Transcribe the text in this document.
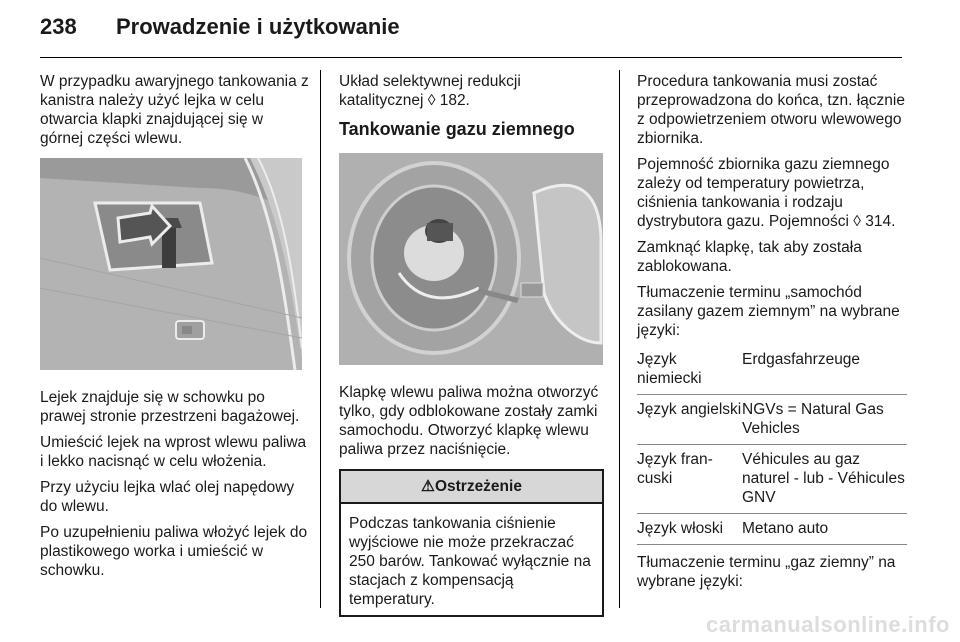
238 Prowadzenie i użytkowanie

W przypadku awaryjnego tankowania z kanistra należy użyć lejka w celu otwarcia klapki znajdującej się w górnej części wlewu.

Lejek znajduje się w schowku po prawej stronie przestrzeni bagażowej.

Umieścić lejek na wprost wlewu paliwa i lekko nacisnąć w celu włożenia.

Przy użyciu lejka wlać olej napędowy do wlewu.

Po uzupełnieniu paliwa włożyć lejek do plastikowego worka i umieścić w schowku.

Układ selektywnej redukcji katalitycznej ◊ 182.

Tankowanie gazu ziemnego

Klapkę wlewu paliwa można otworzyć tylko, gdy odblokowane zostały zamki samochodu. Otworzyć klapkę wlewu paliwa przez naciśnięcie.

⚠Ostrzeżenie
Podczas tankowania ciśnienie wyjściowe nie może przekraczać 250 barów. Tankować wyłącznie na stacjach z kompensacją temperatury.

Procedura tankowania musi zostać przeprowadzona do końca, tzn. łącznie z odpowietrzeniem otworu wlewowego zbiornika.

Pojemność zbiornika gazu ziemnego zależy od temperatury powietrza, ciśnienia tankowania i rodzaju dystrybutora gazu. Pojemności ◊ 314.

Zamknąć klapkę, tak aby została zablokowana.

Tłumaczenie terminu „samochód zasilany gazem ziemnym” na wybrane języki:

Język niemiecki	Erdgasfahrzeuge
Język angielski	NGVs = Natural Gas Vehicles
Język fran-cuski	Véhicules au gaz naturel - lub - Véhicules GNV
Język włoski	Metano auto

Tłumaczenie terminu „gaz ziemny” na wybrane języki:

carmanualsonline.info
